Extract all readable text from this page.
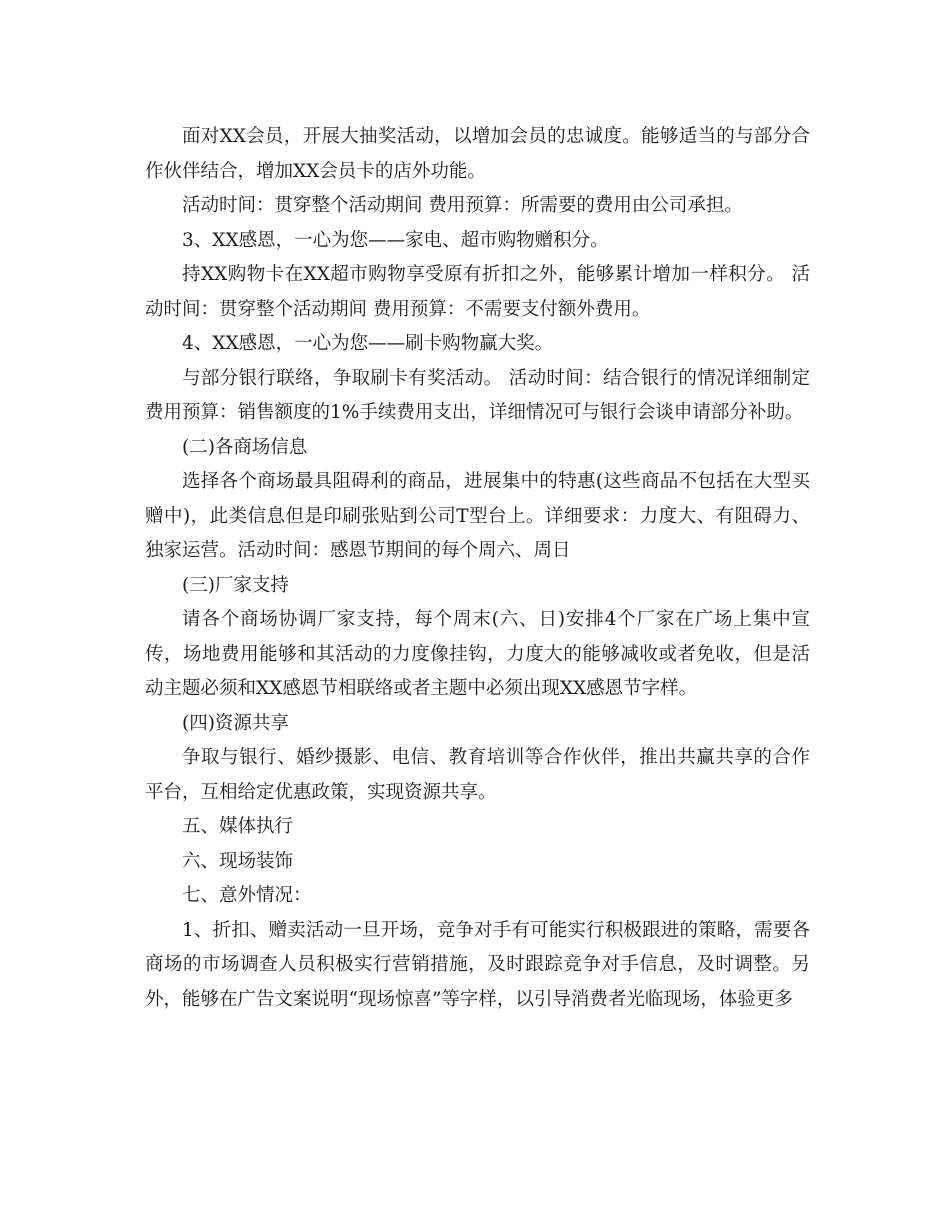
面对XX会员，开展大抽奖活动，以增加会员的忠诚度。能够适当的与部分合作伙伴结合，增加XX会员卡的店外功能。

活动时间：贯穿整个活动期间 费用预算：所需要的费用由公司承担。

3、XX感恩，一心为您——家电、超市购物赠积分。

持XX购物卡在XX超市购物享受原有折扣之外，能够累计增加一样积分。 活动时间：贯穿整个活动期间 费用预算：不需要支付额外费用。

4、XX感恩，一心为您——刷卡购物赢大奖。

与部分银行联络，争取刷卡有奖活动。 活动时间：结合银行的情况详细制定 费用预算：销售额度的1%手续费用支出，详细情况可与银行会谈申请部分补助。

(二)各商场信息

选择各个商场最具阻碍利的商品，进展集中的特惠(这些商品不包括在大型买赠中)，此类信息但是印刷张贴到公司T型台上。详细要求：力度大、有阻碍力、独家运营。活动时间：感恩节期间的每个周六、周日

(三)厂家支持

请各个商场协调厂家支持，每个周末(六、日)安排4个厂家在广场上集中宣传，场地费用能够和其活动的力度像挂钩，力度大的能够减收或者免收，但是活动主题必须和XX感恩节相联络或者主题中必须出现XX感恩节字样。

(四)资源共享

争取与银行、婚纱摄影、电信、教育培训等合作伙伴，推出共赢共享的合作平台，互相给定优惠政策，实现资源共享。

五、媒体执行

六、现场装饰

七、意外情况：

1、折扣、赠卖活动一旦开场，竞争对手有可能实行积极跟进的策略，需要各商场的市场调查人员积极实行营销措施，及时跟踪竞争对手信息，及时调整。另外，能够在广告文案说明“现场惊喜”等字样，以引导消费者光临现场，体验更多
